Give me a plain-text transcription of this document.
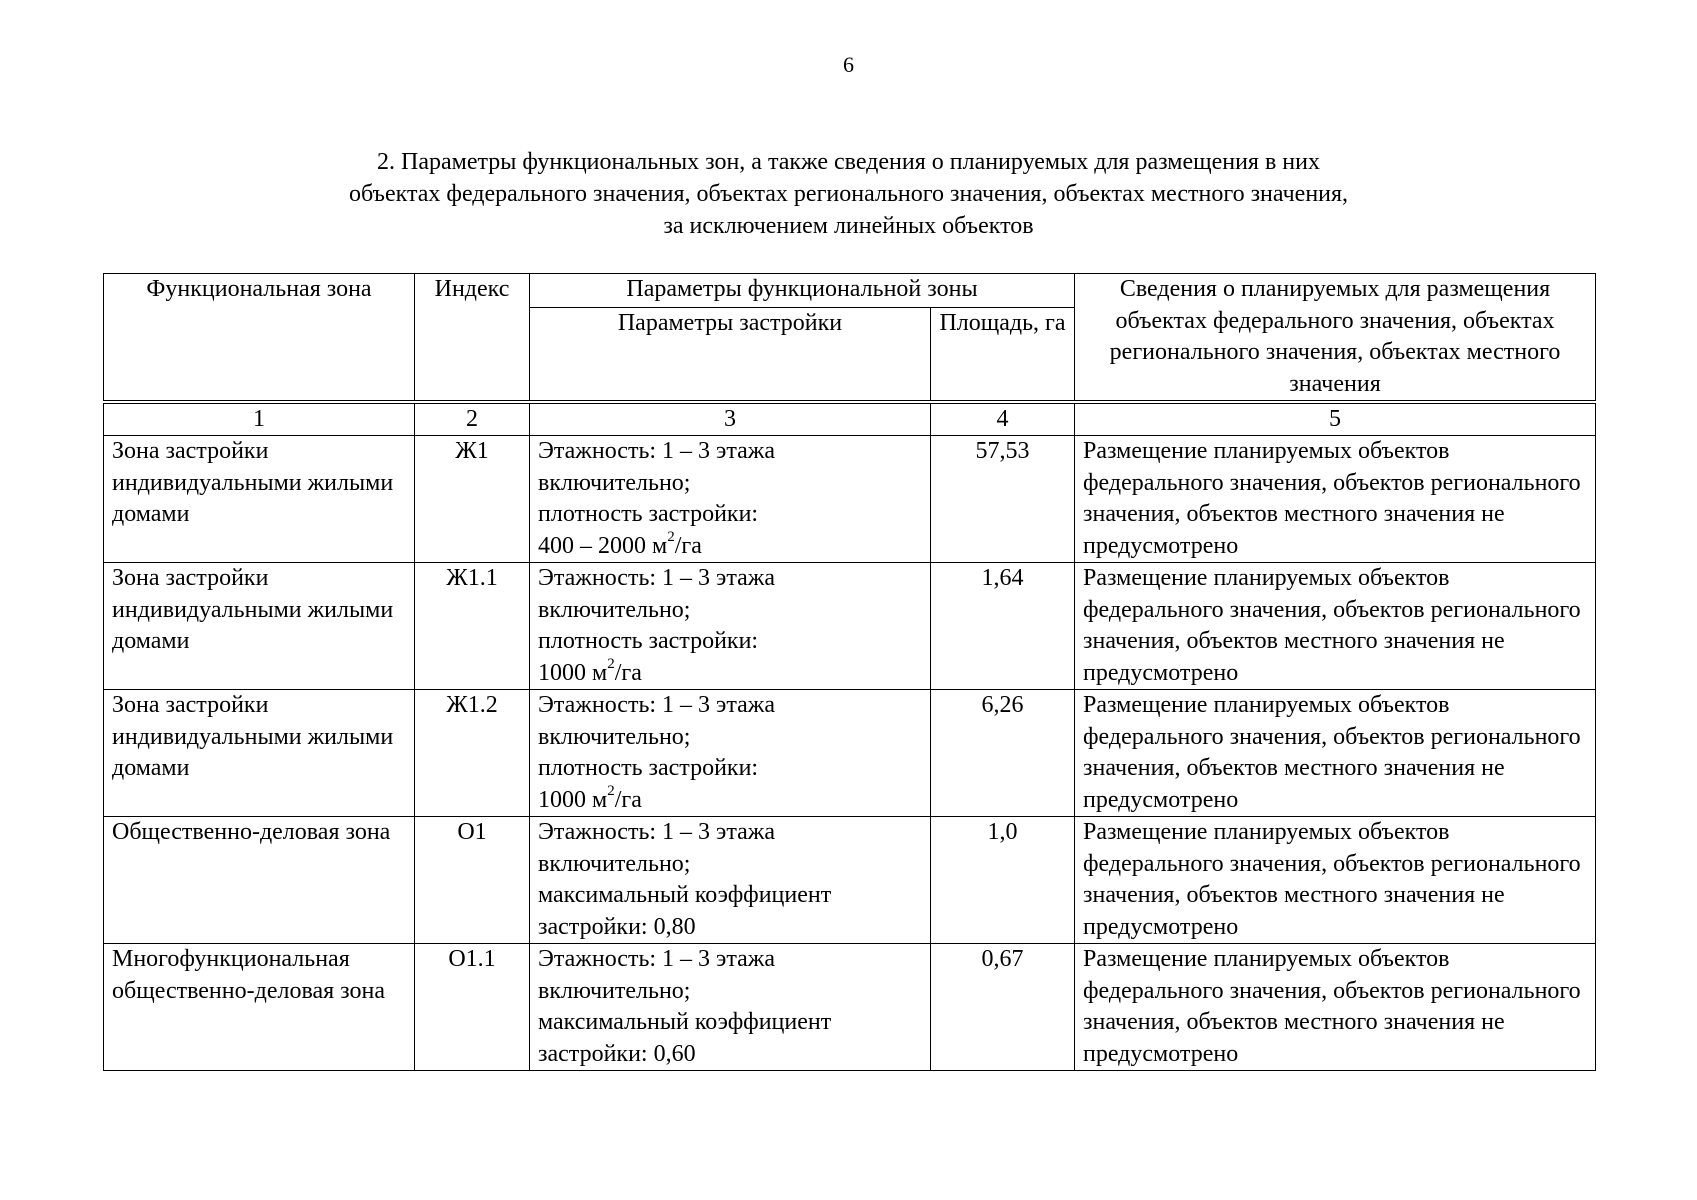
6
2. Параметры функциональных зон, а также сведения о планируемых для размещения в них
объектах федерального значения, объектах регионального значения, объектах местного значения,
за исключением линейных объектов
Функциональная зона	Индекс	Параметры функциональной зоны		Сведения о планируемых для размещения объектах федерального значения, объектах регионального значения, объектах местного значения
		Параметры застройки	Площадь, га	

1	2	3	4	5
Зона застройки индивидуальными жилыми домами	Ж1	Этажность: 1 – 3 этажа включительно;
плотность застройки:
400 – 2000 $м^2/га$	57,53	Размещение планируемых объектов федерального значения, объектов регионального значения, объектов местного значения не предусмотрено
Зона застройки индивидуальными жилыми домами	Ж1.1	Этажность: 1 – 3 этажа включительно;
плотность застройки:
1000 $м^2/га$	1,64	Размещение планируемых объектов федерального значения, объектов регионального значения, объектов местного значения не предусмотрено
Зона застройки индивидуальными жилыми домами	Ж1.2	Этажность: 1 – 3 этажа включительно;
плотность застройки:
1000 $м^2/га$	6,26	Размещение планируемых объектов федерального значения, объектов регионального значения, объектов местного значения не предусмотрено
Общественно-деловая зона	О1	Этажность: 1 – 3 этажа включительно;
максимальный коэффициент застройки: 0,80	1,0	Размещение планируемых объектов федерального значения, объектов регионального значения, объектов местного значения не предусмотрено
Многофункциональная общественно-деловая зона	О1.1	Этажность: 1 – 3 этажа включительно;
максимальный коэффициент застройки: 0,60	0,67	Размещение планируемых объектов федерального значения, объектов регионального значения, объектов местного значения не предусмотрено
